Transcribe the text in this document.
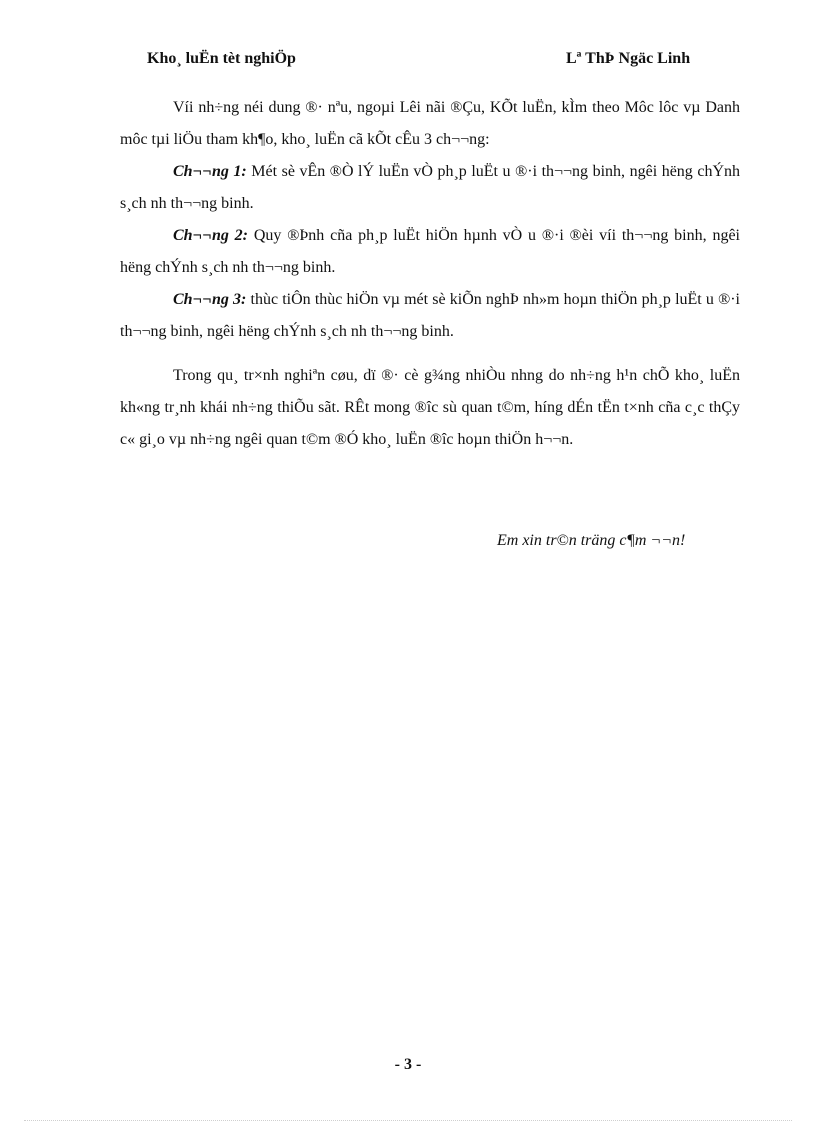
Kho¸ luËn tèt nghiÖp	Lª ThÞ Ngäc Linh

Víi nh÷ng néi dung ®· nªu, ngoµi Lêi nãi ®Çu, KÕt luËn, kÌm theo Môc lôc vµ Danh môc tµi liÖu tham kh¶o, kho¸ luËn cã kÕt cÊu 3 ch¬¬ng:

Ch¬¬ng 1: Mét sè vÊn ®Ò lÝ luËn vÒ ph¸p luËt u ®·i th¬¬ng binh, ngêi hëng chÝnh s¸ch nh th¬¬ng binh.

Ch¬¬ng 2: Quy ®Þnh cña ph¸p luËt hiÖn hµnh vÒ u ®·i ®èi víi th¬¬ng binh, ngêi hëng chÝnh s¸ch nh th¬¬ng binh.

Ch¬¬ng 3: thùc tiÔn thùc hiÖn vµ mét sè kiÕn nghÞ nh»m hoµn thiÖn ph¸p luËt u ®·i th¬¬ng binh, ngêi hëng chÝnh s¸ch nh th¬¬ng binh.

Trong qu¸ tr×nh nghiªn cøu, dï ®· cè g¾ng nhiÒu nhng do nh÷ng h¹n chÕ kho¸ luËn kh«ng tr¸nh khái nh÷ng thiÕu sãt. RÊt mong ®îc sù quan t©m, híng dÉn tËn t×nh cña c¸c thÇy c« gi¸o vµ nh÷ng ngêi quan t©m ®Ó kho¸ luËn ®îc hoµn thiÖn h¬¬n.

Em xin tr©n träng c¶m ¬¬n!
- 3 -
